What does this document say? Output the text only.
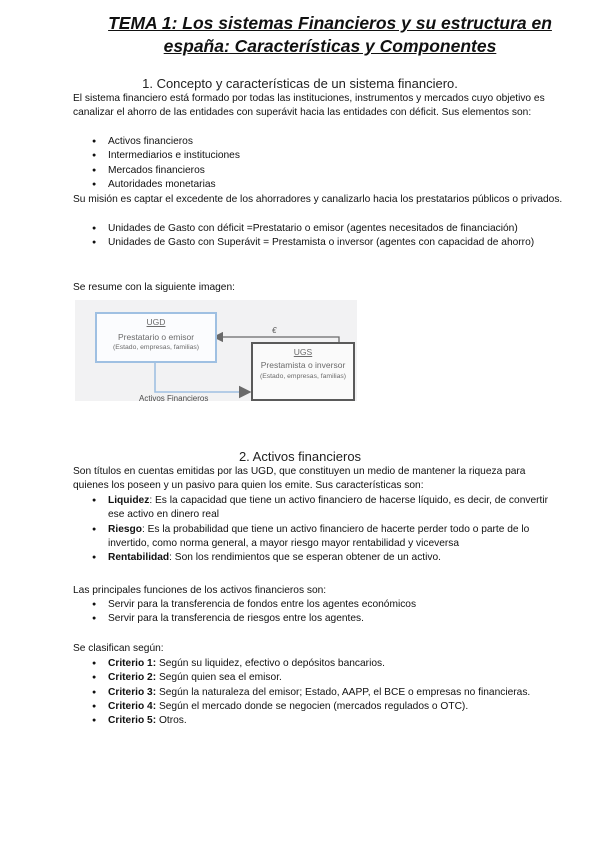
TEMA 1: Los sistemas Financieros y su estructura en
españa: Características y Componentes
1. Concepto y características de un sistema financiero.
El sistema financiero está formado por todas las instituciones, instrumentos y mercados cuyo objetivo es canalizar el ahorro de las entidades con superávit hacia las entidades con déficit. Sus elementos son:
● Activos financieros
● Intermediarios e instituciones
● Mercados financieros
● Autoridades monetarias
Su misión es captar el excedente de los ahorradores y canalizarlo hacia los prestatarios públicos o privados.
● Unidades de Gasto con déficit =Prestatario o emisor (agentes necesitados de financiación)
● Unidades de Gasto con Superávit = Prestamista o inversor (agentes con capacidad de ahorro)
Se resume con la siguiente imagen:
UGD
Prestatario o emisor
(Estado, empresas, familias)	UGS
Prestamista o inversor
(Estado, empresas, familias)
€
Activos Financieros
2. Activos financieros
Son títulos en cuentas emitidas por las UGD, que constituyen un medio de mantener la riqueza para quienes los poseen y un pasivo para quien los emite. Sus características son:
● Liquidez: Es la capacidad que tiene un activo financiero de hacerse líquido, es decir, de convertir ese activo en dinero real
● Riesgo: Es la probabilidad que tiene un activo financiero de hacerte perder todo o parte de lo invertido, como norma general, a mayor riesgo mayor rentabilidad y viceversa
● Rentabilidad: Son los rendimientos que se esperan obtener de un activo.
Las principales funciones de los activos financieros son:
● Servir para la transferencia de fondos entre los agentes económicos
● Servir para la transferencia de riesgos entre los agentes.
Se clasifican según:
● Criterio 1: Según su liquidez, efectivo o depósitos bancarios.
● Criterio 2: Según quien sea el emisor.
● Criterio 3: Según la naturaleza del emisor; Estado, AAPP, el BCE o empresas no financieras.
● Criterio 4: Según el mercado donde se negocien (mercados regulados o OTC).
● Criterio 5: Otros.
